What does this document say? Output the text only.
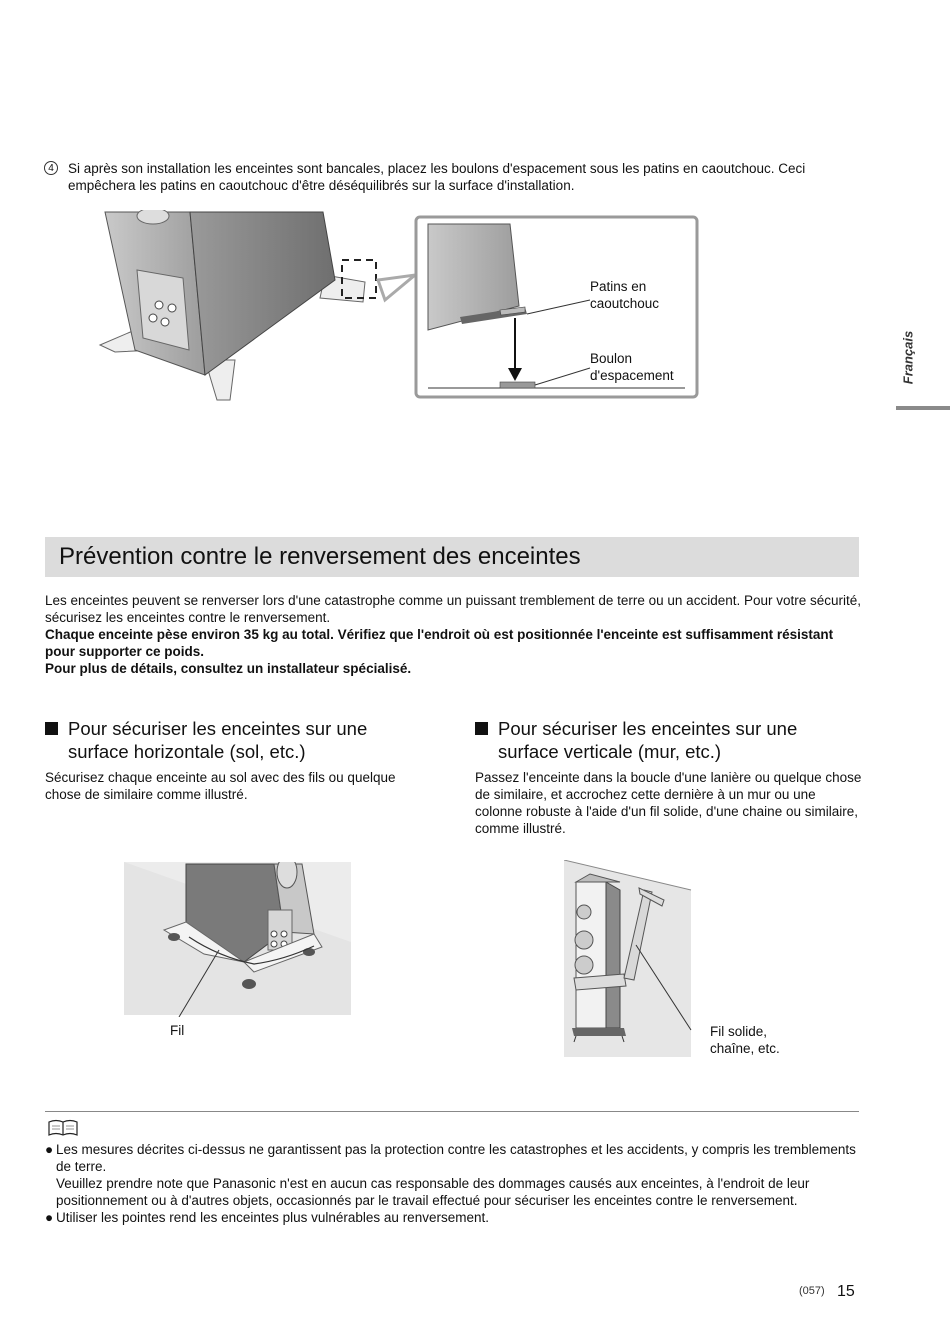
4	Si après son installation les enceintes sont bancales, placez les boulons d'espacement sous les patins en caoutchouc. Ceci empêchera les patins en caoutchouc d'être déséquilibrés sur la surface d'installation.
Patins en
caoutchouc
Boulon
d'espacement	Français
Prévention contre le renversement des enceintes

Les enceintes peuvent se renverser lors d'une catastrophe comme un puissant tremblement de terre ou un accident. Pour votre sécurité, sécurisez les enceintes contre le renversement.

Chaque enceinte pèse environ 35 kg au total. Vérifiez que l'endroit où est positionnée l'enceinte est suffisamment résistant pour supporter ce poids.

Pour plus de détails, consultez un installateur spécialisé.

Pour sécuriser les enceintes sur une
surface horizontale (sol, etc.)
Sécurisez chaque enceinte au sol avec des fils ou quelque chose de similaire comme illustré.
Fil
Pour sécuriser les enceintes sur une
surface verticale (mur, etc.)
Passez l'enceinte dans la boucle d'une lanière ou quelque chose de similaire, et accrochez cette dernière à un mur ou une colonne robuste à l'aide d'un fil solide, d'une chaine ou similaire, comme illustré.
Fil solide,
chaîne, etc.
● Les mesures décrites ci-dessus ne garantissent pas la protection contre les catastrophes et les accidents, y compris les tremblements de terre.
Veuillez prendre note que Panasonic n'est en aucun cas responsable des dommages causés aux enceintes, à l'endroit de leur positionnement ou à d'autres objets, occasionnés par le travail effectué pour sécuriser les enceintes contre le renversement.
● Utiliser les pointes rend les enceintes plus vulnérables au renversement.
(057) 15
